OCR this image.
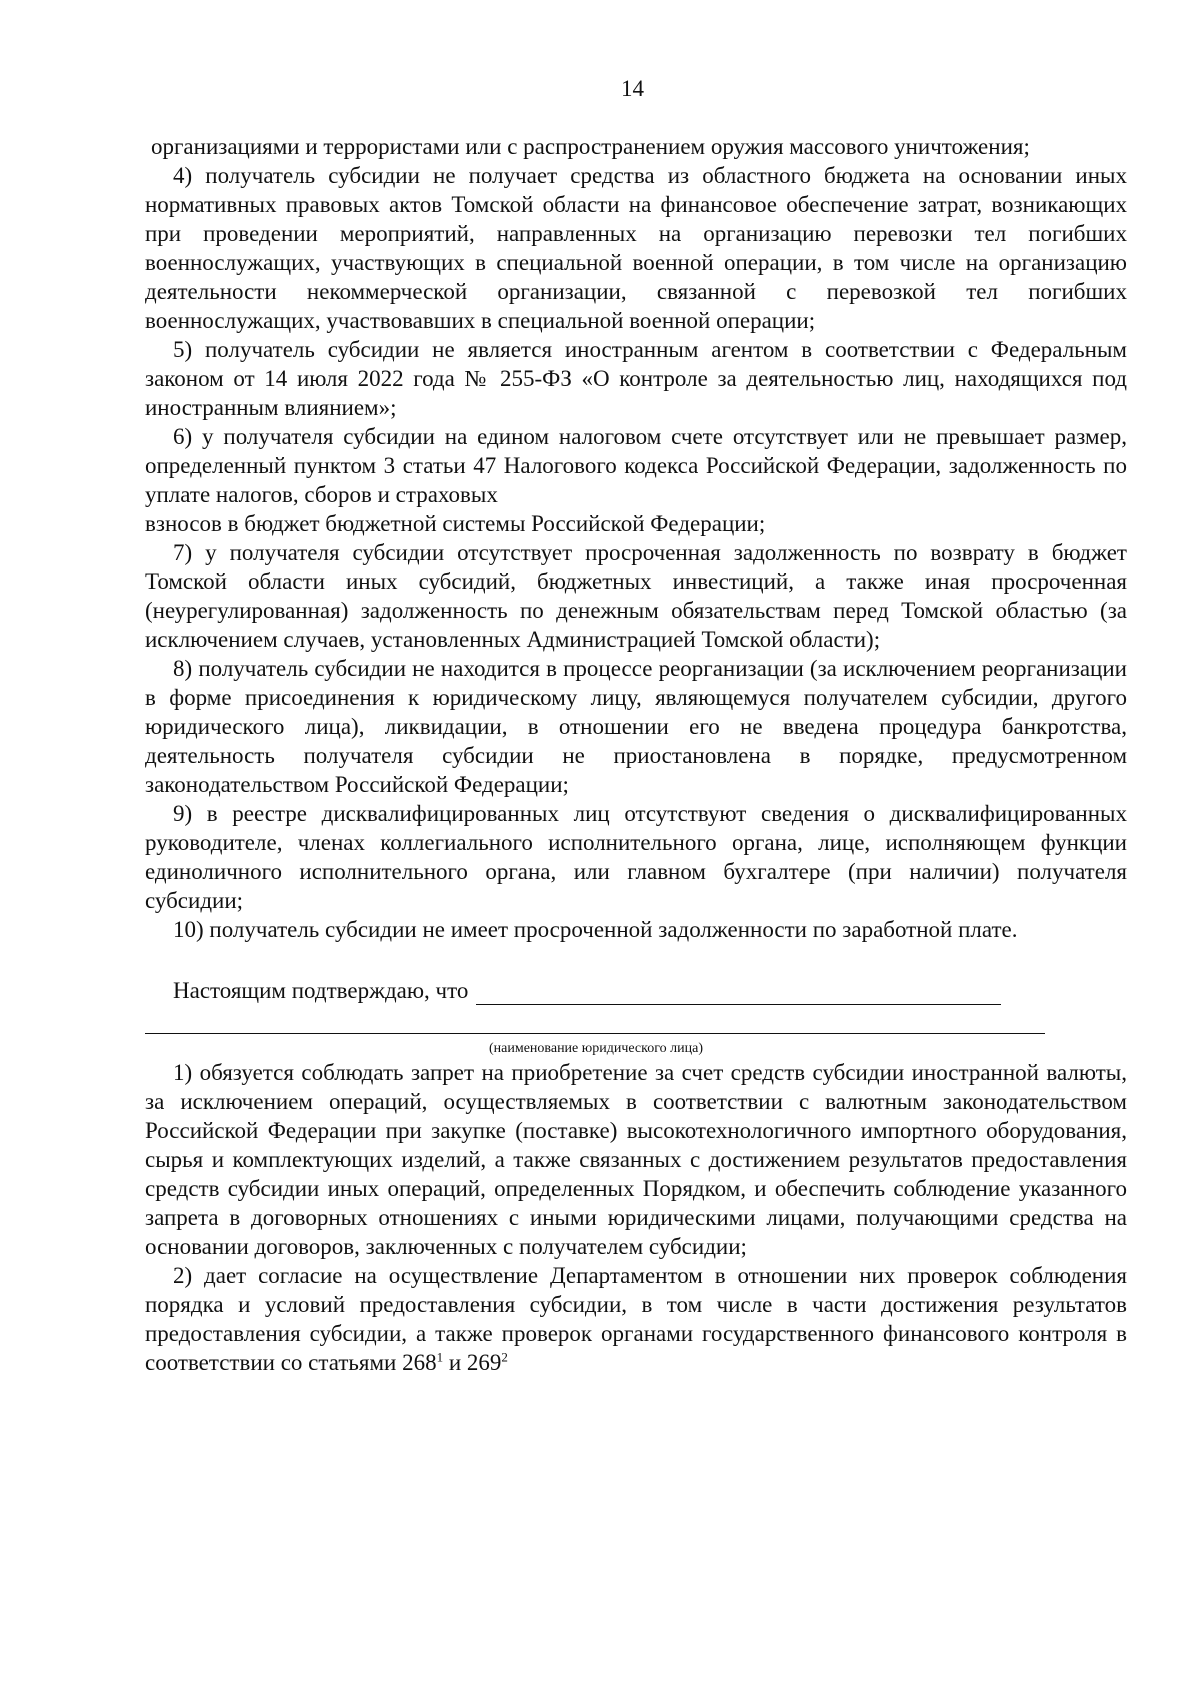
14

организациями и террористами или с распространением оружия массового уничтожения;

4) получатель субсидии не получает средства из областного бюджета на основании иных нормативных правовых актов Томской области на финансовое обеспечение затрат, возникающих при проведении мероприятий, направленных на организацию перевозки тел погибших военнослужащих, участвующих в специальной военной операции, в том числе на организацию деятельности некоммерческой организации, связанной с перевозкой тел погибших военнослужащих, участвовавших в специальной военной операции;

5) получатель субсидии не является иностранным агентом в соответствии с Федеральным законом от 14 июля 2022 года № 255-ФЗ «О контроле за деятельностью лиц, находящихся под иностранным влиянием»;

6) у получателя субсидии на едином налоговом счете отсутствует или не превышает размер, определенный пунктом 3 статьи 47 Налогового кодекса Российской Федерации, задолженность по уплате налогов, сборов и страховых

взносов в бюджет бюджетной системы Российской Федерации;

7) у получателя субсидии отсутствует просроченная задолженность по возврату в бюджет Томской области иных субсидий, бюджетных инвестиций, а также иная просроченная (неурегулированная) задолженность по денежным обязательствам перед Томской областью (за исключением случаев, установленных Администрацией Томской области);

8) получатель субсидии не находится в процессе реорганизации (за исключением реорганизации в форме присоединения к юридическому лицу, являющемуся получателем субсидии, другого юридического лица), ликвидации, в отношении его не введена процедура банкротства, деятельность получателя субсидии не приостановлена в порядке, предусмотренном законодательством Российской Федерации;

9) в реестре дисквалифицированных лиц отсутствуют сведения о дисквалифицированных руководителе, членах коллегиального исполнительного органа, лице, исполняющем функции единоличного исполнительного органа, или главном бухгалтере (при наличии) получателя субсидии;

10) получатель субсидии не имеет просроченной задолженности по заработной плате.

Настоящим подтверждаю, что
(наименование юридического лица)

1) обязуется соблюдать запрет на приобретение за счет средств субсидии иностранной валюты, за исключением операций, осуществляемых в соответствии с валютным законодательством Российской Федерации при закупке (поставке) высокотехнологичного импортного оборудования, сырья и комплектующих изделий, а также связанных с достижением результатов предоставления средств субсидии иных операций, определенных Порядком, и обеспечить соблюдение указанного запрета в договорных отношениях с иными юридическими лицами, получающими средства на основании договоров, заключенных с получателем субсидии;

2) дает согласие на осуществление Департаментом в отношении них проверок соблюдения порядка и условий предоставления субсидии, в том числе в части достижения результатов предоставления субсидии, а также проверок органами государственного финансового контроля в соответствии со статьями $268^1$ и $269^2$
